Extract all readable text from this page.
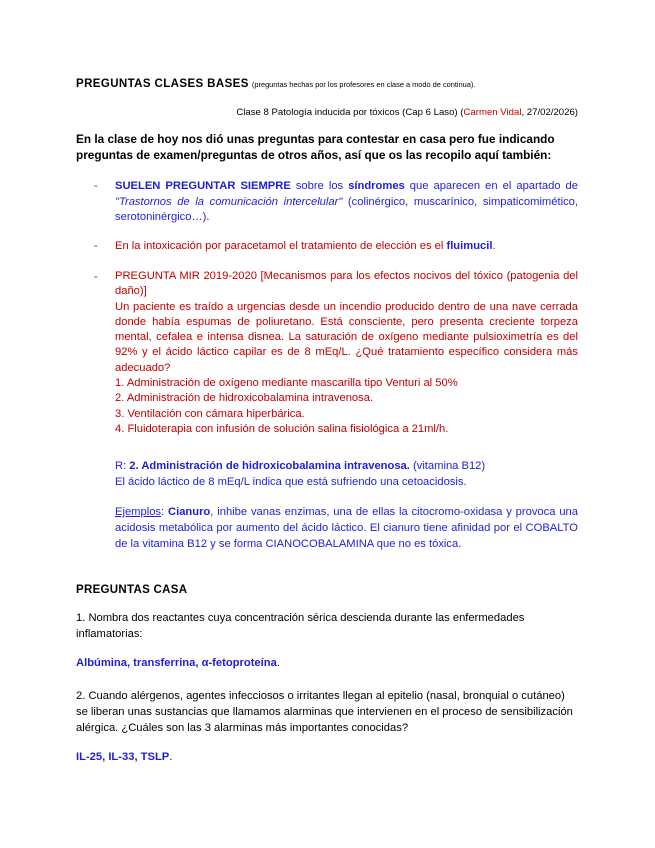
PREGUNTAS CLASES BASES (preguntas hechas por los profesores en clase a modo de continua).
Clase 8 Patología inducida por tóxicos (Cap 6 Laso) (Carmen Vidal, 27/02/2026)
En la clase de hoy nos dió unas preguntas para contestar en casa pero fue indicando preguntas de examen/preguntas de otros años, así que os las recopilo aquí también:
- SUELEN PREGUNTAR SIEMPRE sobre los síndromes que aparecen en el apartado de "Trastornos de la comunicación intercelular" (colinérgico, muscarínico, simpaticomimético, serotoninérgico…).
- En la intoxicación por paracetamol el tratamiento de elección es el fluimucil.
- PREGUNTA MIR 2019-2020 [Mecanismos para los efectos nocivos del tóxico (patogenia del daño)]
Un paciente es traído a urgencias desde un incendio producido dentro de una nave cerrada donde había espumas de poliuretano. Está consciente, pero presenta creciente torpeza mental, cefalea e intensa disnea. La saturación de oxígeno mediante pulsioximetría es del 92% y el ácido láctico capilar es de 8 mEq/L. ¿Qué tratamiento específico considera más adecuado?
1. Administración de oxígeno mediante mascarilla tipo Venturi al 50%
2. Administración de hidroxicobalamina intravenosa.
3. Ventilación con cámara hiperbárica.
4. Fluidoterapia con infusión de solución salina fisiológica a 21ml/h.
R: 2. Administración de hidroxicobalamina intravenosa. (vitamina B12)
El ácido láctico de 8 mEq/L indica que está sufriendo una cetoacidosis.
Ejemplos: Cianuro, inhibe vanas enzimas, una de ellas la citocromo-oxidasa y provoca una acidosis metabólica por aumento del ácido láctico. El cianuro tiene afinidad por el COBALTO de la vitamina B12 y se forma CIANOCOBALAMINA que no es tóxica.
PREGUNTAS CASA
1. Nombra dos reactantes cuya concentración sérica descienda durante las enfermedades inflamatorias:
Albúmina, transferrina, α-fetoproteína.
2. Cuando alérgenos, agentes infecciosos o irritantes llegan al epitelio (nasal, bronquial o cutáneo) se liberan unas sustancias que llamamos alarminas que intervienen en el proceso de sensibilización alérgica. ¿Cuáles son las 3 alarminas más importantes conocidas?
IL-25, IL-33, TSLP.
